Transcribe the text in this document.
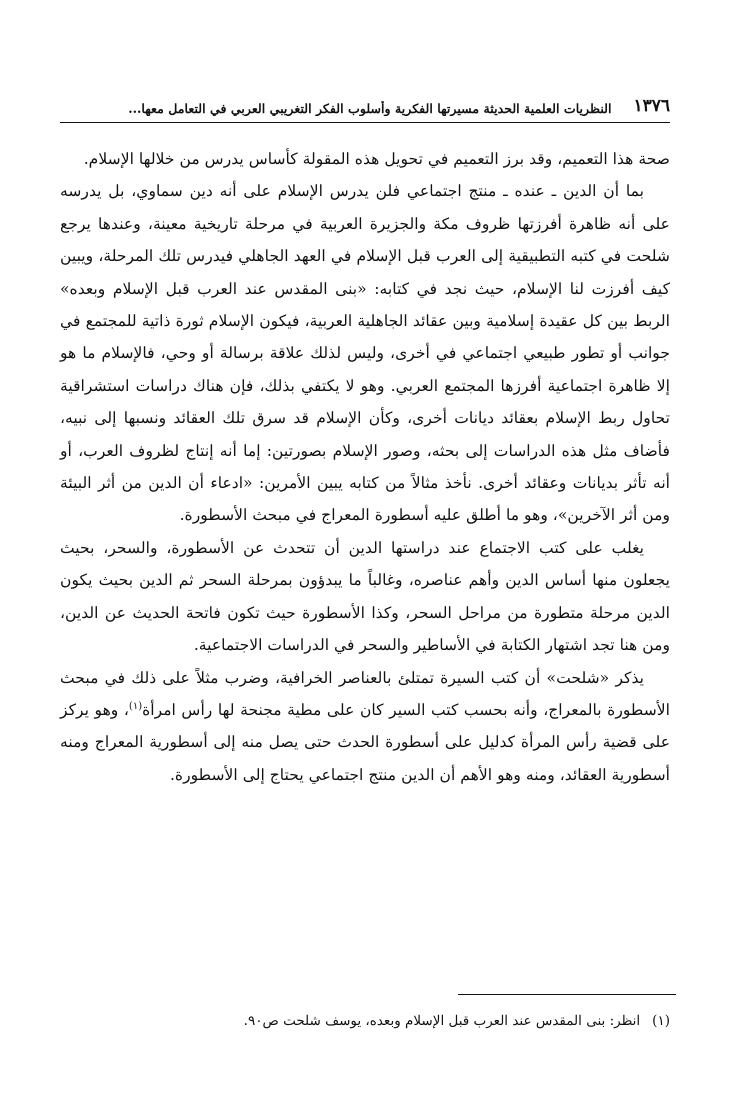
١٣٧٦
النظريات العلمية الحديثة مسيرتها الفكرية وأسلوب الفكر التغريبي العربي في التعامل معها...

صحة هذا التعميم، وقد برز التعميم في تحويل هذه المقولة كأساس يدرس من خلالها الإسلام.

بما أن الدين ـ عنده ـ منتج اجتماعي فلن يدرس الإسلام على أنه دين سماوي، بل يدرسه على أنه ظاهرة أفرزتها ظروف مكة والجزيرة العربية في مرحلة تاريخية معينة، وعندها يرجع شلحت في كتبه التطبيقية إلى العرب قبل الإسلام في العهد الجاهلي فيدرس تلك المرحلة، ويبين كيف أفرزت لنا الإسلام، حيث نجد في كتابه: «بنى المقدس عند العرب قبل الإسلام وبعده» الربط بين كل عقيدة إسلامية وبين عقائد الجاهلية العربية، فيكون الإسلام ثورة ذاتية للمجتمع في جوانب أو تطور طبيعي اجتماعي في أخرى، وليس لذلك علاقة برسالة أو وحي، فالإسلام ما هو إلا ظاهرة اجتماعية أفرزها المجتمع العربي. وهو لا يكتفي بذلك، فإن هناك دراسات استشراقية تحاول ربط الإسلام بعقائد ديانات أخرى، وكأن الإسلام قد سرق تلك العقائد ونسبها إلى نبيه، فأضاف مثل هذه الدراسات إلى بحثه، وصور الإسلام بصورتين: إما أنه إنتاج لظروف العرب، أو أنه تأثر بديانات وعقائد أخرى. نأخذ مثالاً من كتابه يبين الأمرين: «ادعاء أن الدين من أثر البيئة ومن أثر الآخرين»، وهو ما أطلق عليه أسطورة المعراج في مبحث الأسطورة.

يغلب على كتب الاجتماع عند دراستها الدين أن تتحدث عن الأسطورة، والسحر، بحيث يجعلون منها أساس الدين وأهم عناصره، وغالباً ما يبدؤون بمرحلة السحر ثم الدين بحيث يكون الدين مرحلة متطورة من مراحل السحر، وكذا الأسطورة حيث تكون فاتحة الحديث عن الدين، ومن هنا تجد اشتهار الكتابة في الأساطير والسحر في الدراسات الاجتماعية.

يذكر «شلحت» أن كتب السيرة تمتلئ بالعناصر الخرافية، وضرب مثلاً على ذلك في مبحث الأسطورة بالمعراج، وأنه بحسب كتب السير كان على مطية مجنحة لها رأس امرأة$^{(١)}$، وهو يركز على قضية رأس المرأة كدليل على أسطورة الحدث حتى يصل منه إلى أسطورية المعراج ومنه أسطورية العقائد، ومنه وهو الأهم أن الدين منتج اجتماعي يحتاج إلى الأسطورة.

(١)
انظر: بنى المقدس عند العرب قبل الإسلام وبعده، يوسف شلحت ص٩٠.
